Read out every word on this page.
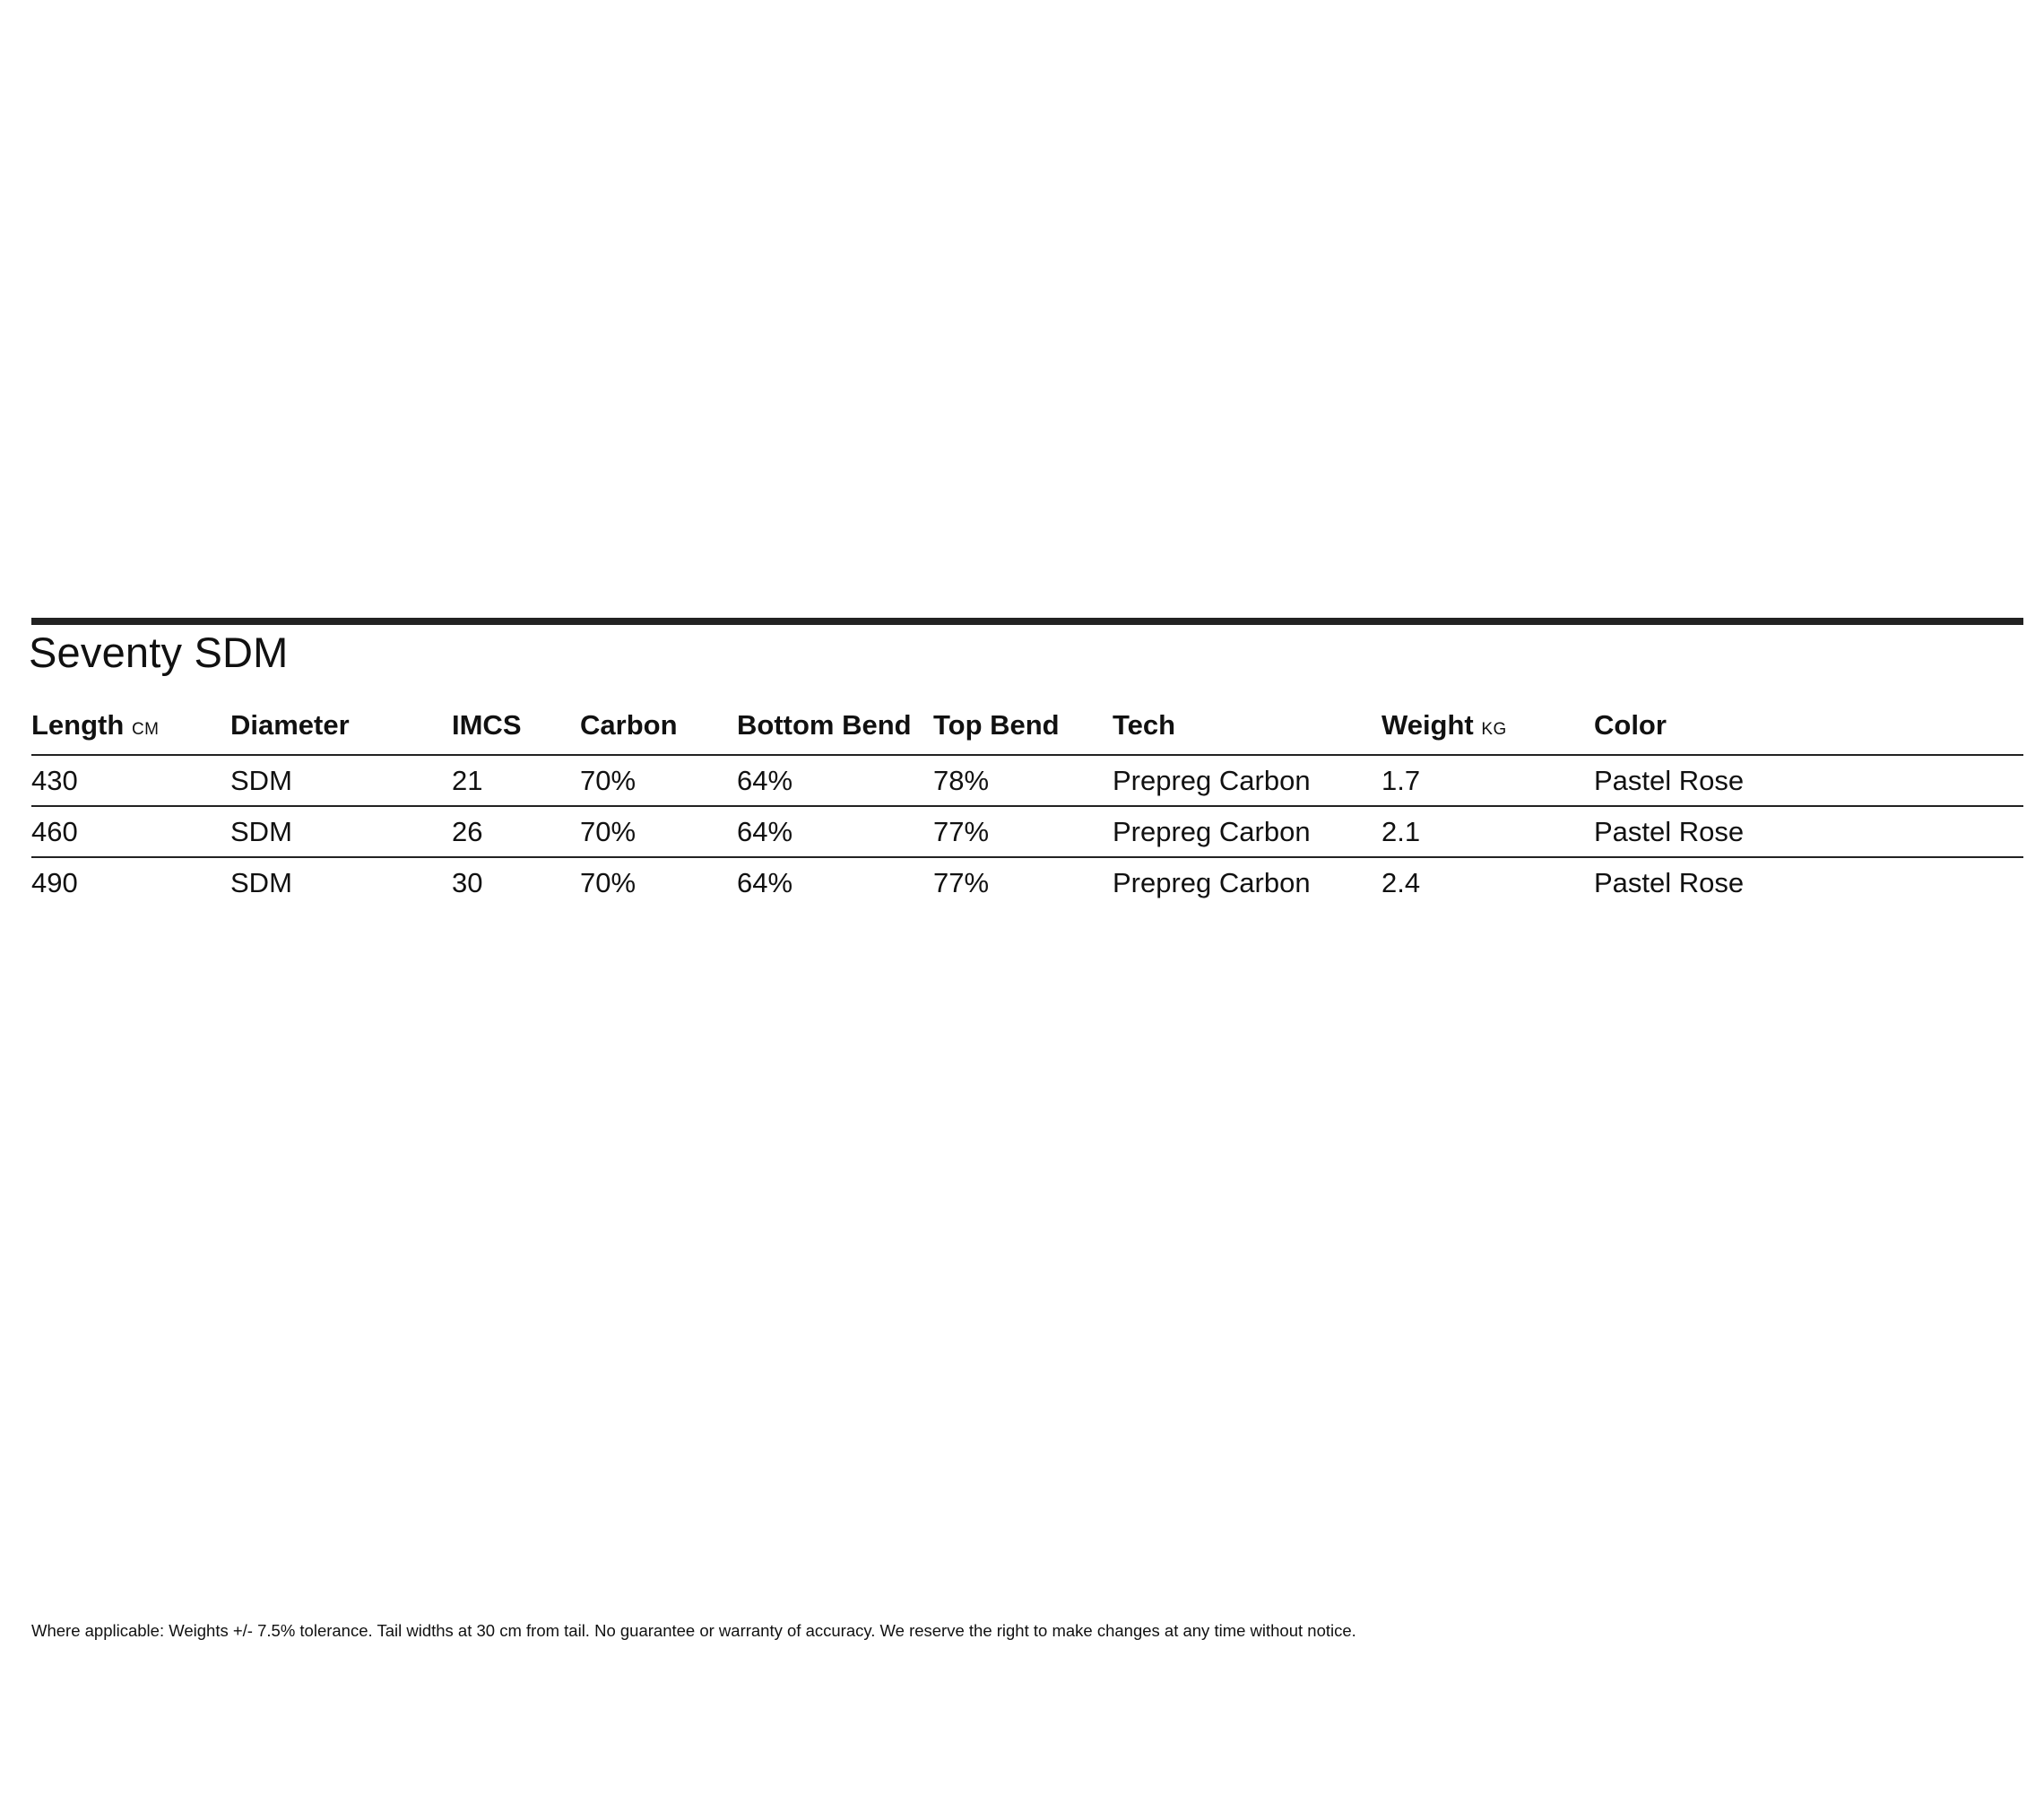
Seventy SDM
Length CM	Diameter	IMCS	Carbon	Bottom Bend	Top Bend	Tech	Weight KG	Color
430	SDM	21	70%	64%	78%	Prepreg Carbon	1.7	Pastel Rose
460	SDM	26	70%	64%	77%	Prepreg Carbon	2.1	Pastel Rose
490	SDM	30	70%	64%	77%	Prepreg Carbon	2.4	Pastel Rose
Where applicable: Weights +/- 7.5% tolerance. Tail widths at 30 cm from tail. No guarantee or warranty of accuracy. We reserve the right to make changes at any time without notice.
